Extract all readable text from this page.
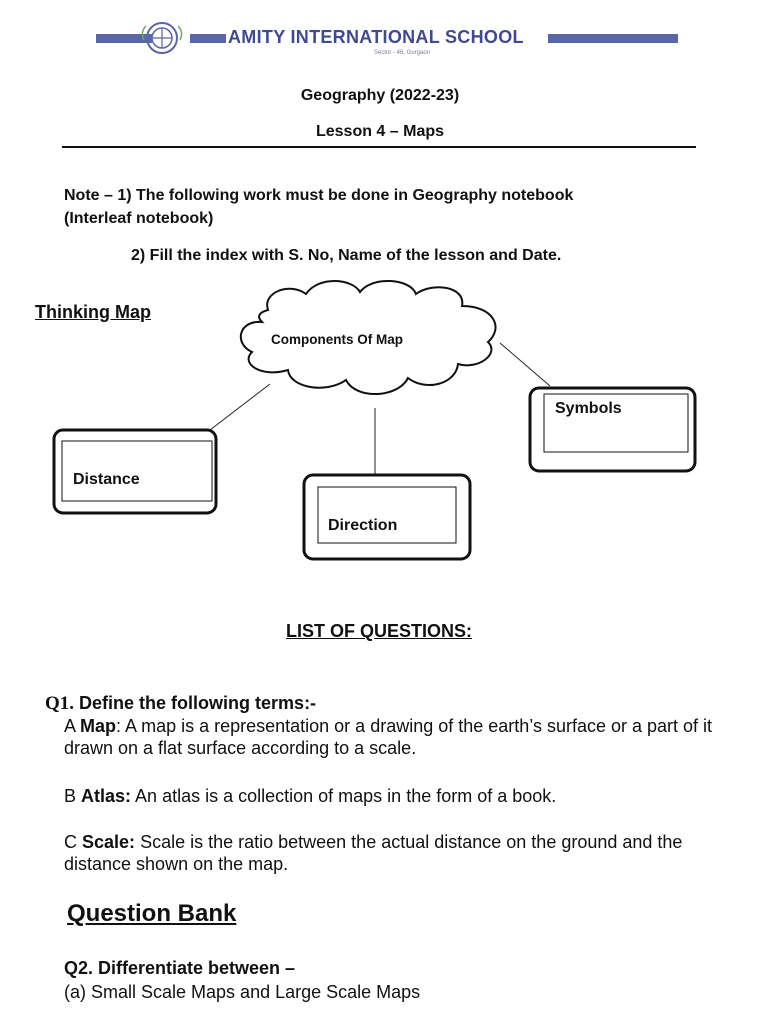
AMITY INTERNATIONAL SCHOOL
Sector - 46, Gurgaon
Geography (2022-23)
Lesson 4 – Maps
Note – 1) The following work must be done in Geography notebook (Interleaf notebook)
2) Fill the index with S. No, Name of the lesson and Date.
Thinking Map
Components Of Map
Distance
Direction
Symbols
LIST OF QUESTIONS:
Q1. Define the following terms:-
A Map: A map is a representation or a drawing of the earth’s surface or a part of it drawn on a flat surface according to a scale.
B Atlas: An atlas is a collection of maps in the form of a book.
C Scale: Scale is the ratio between the actual distance on the ground and the distance shown on the map.
Question Bank
Q2. Differentiate between –
(a) Small Scale Maps and Large Scale Maps
